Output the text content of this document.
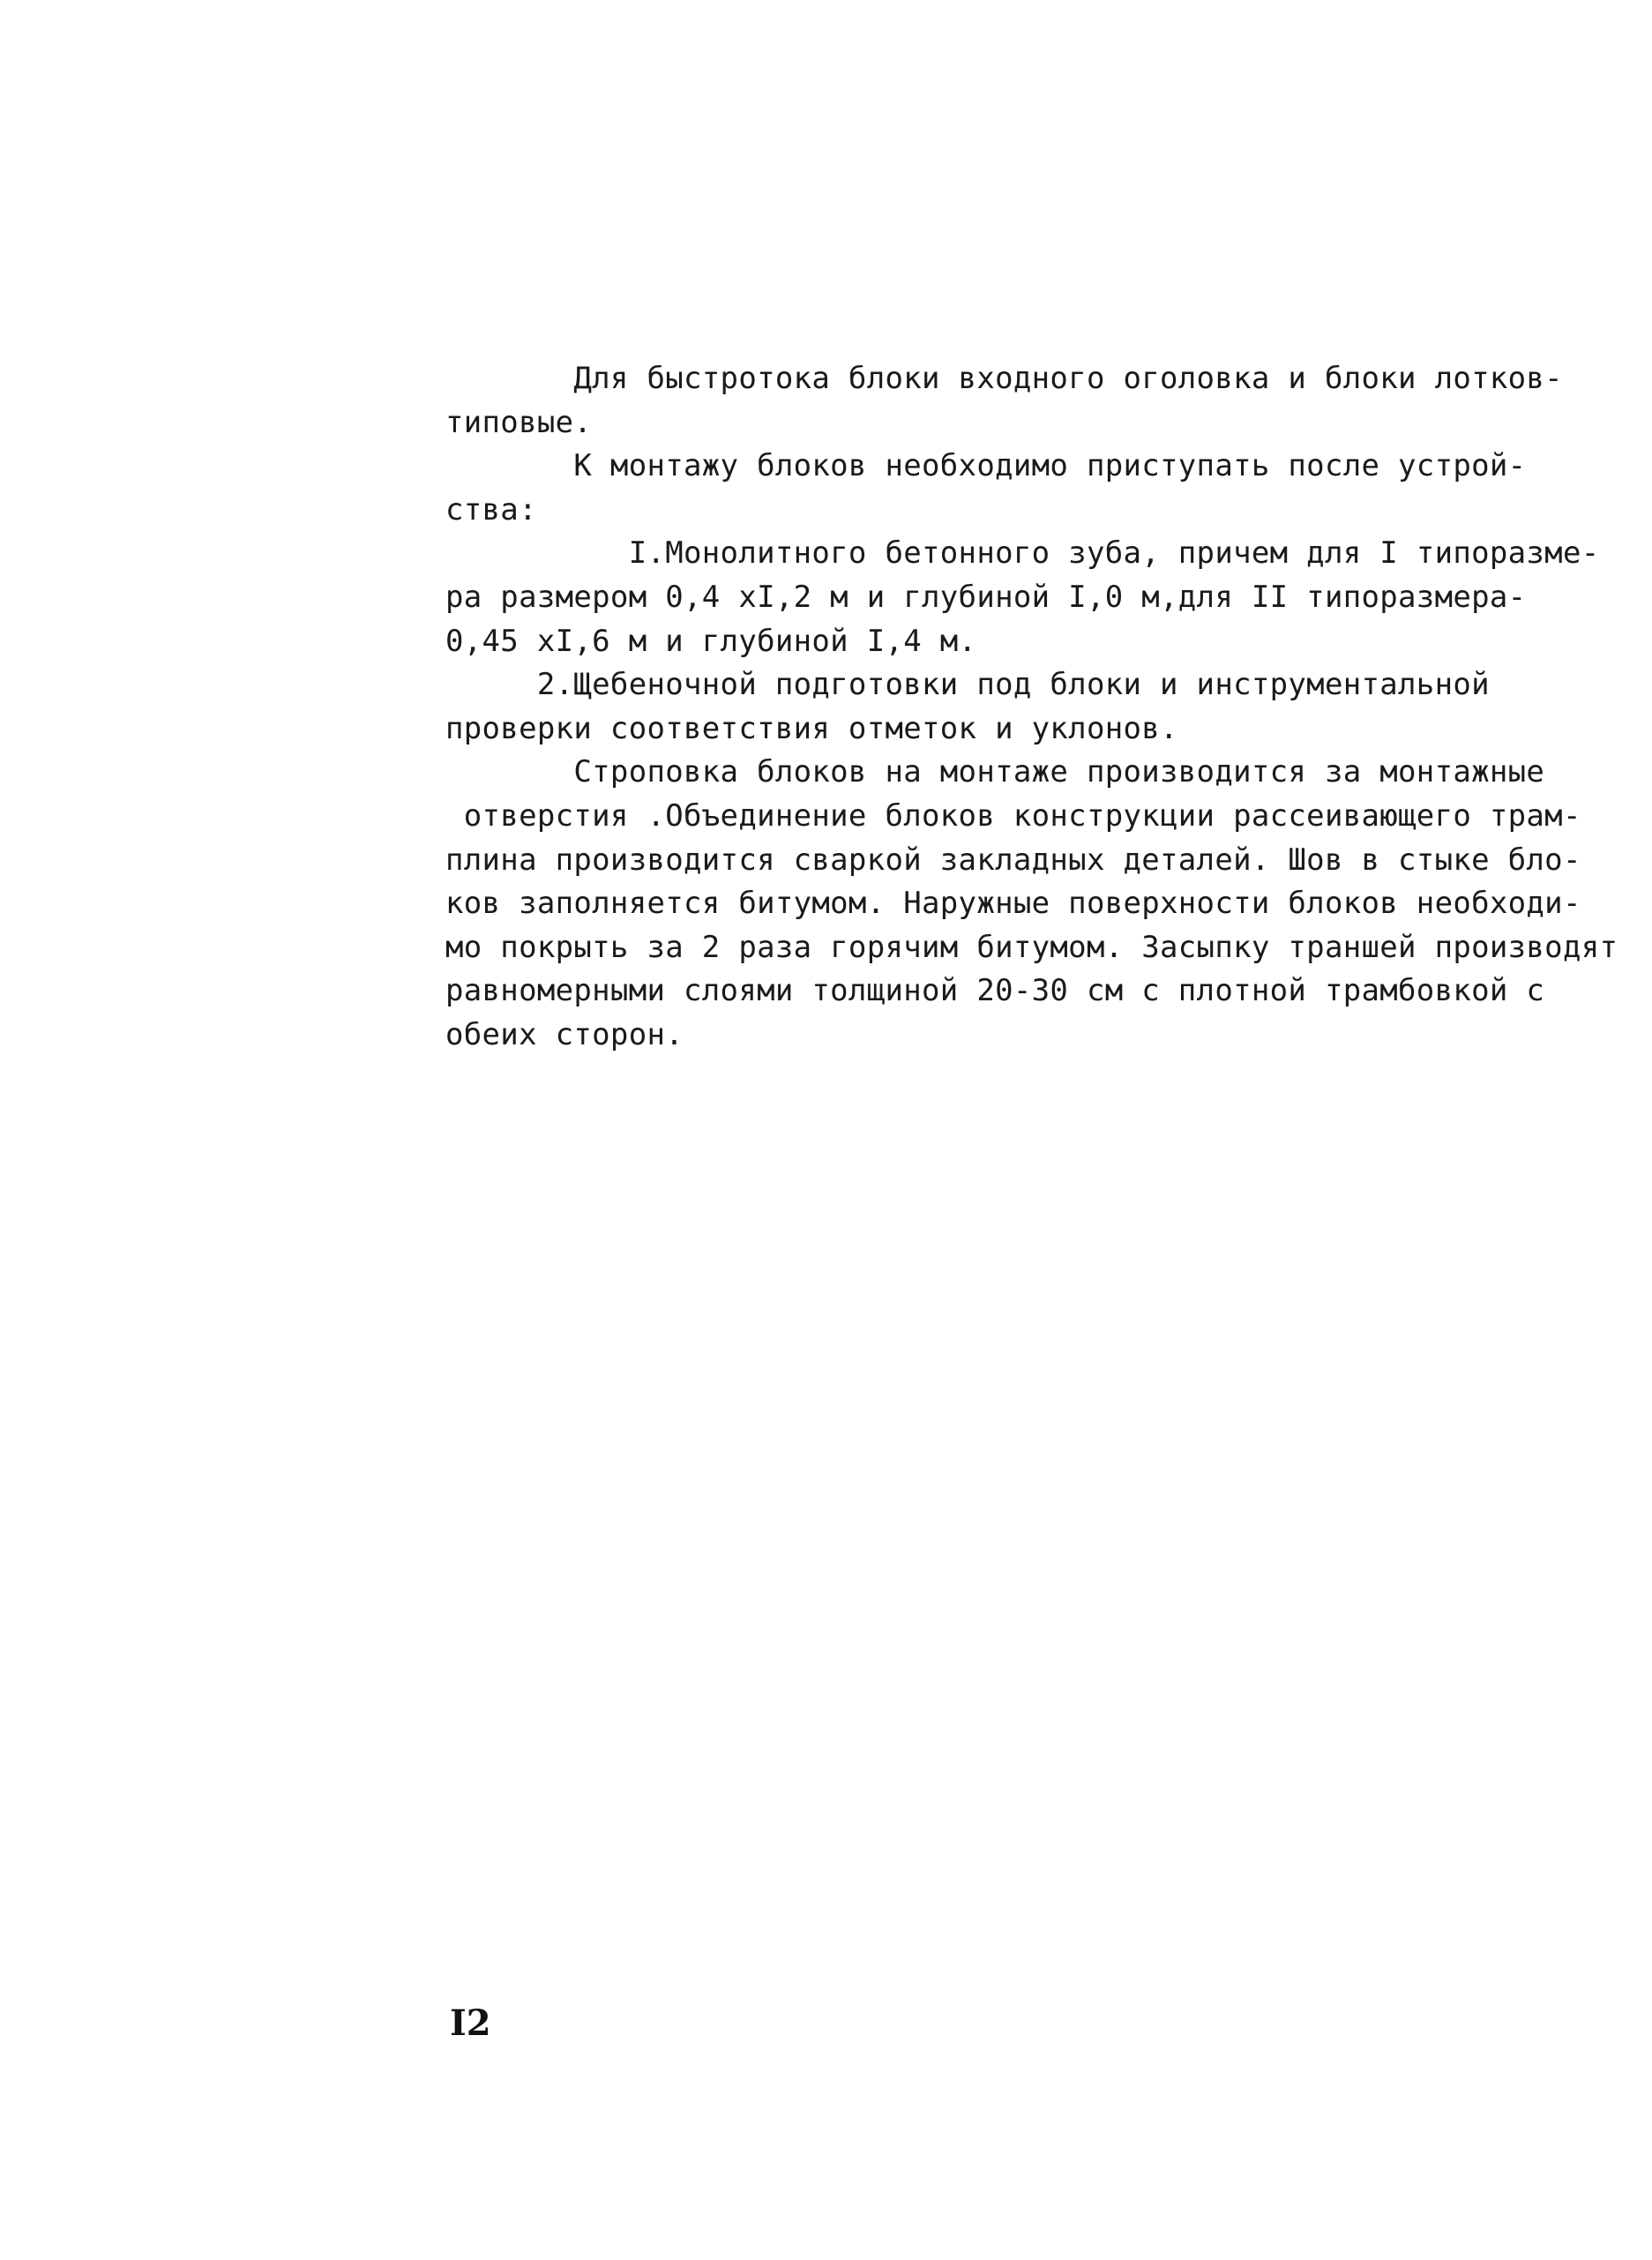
Для быстротока блоки входного оголовка и блоки лотков-
типовые.
К монтажу блоков необходимо приступать после устрой-
ства:
I.Монолитного бетонного зуба, причем для I типоразме-
ра размером 0,4 хI,2 м и глубиной I,0 м,для II типоразмера-
0,45 хI,6 м и глубиной I,4 м.
2.Щебеночной подготовки под блоки и инструментальной
проверки соответствия отметок и уклонов.
Строповка блоков на монтаже производится за монтажные
отверстия .Объединение блоков конструкции рассеивающего трам-
плина производится сваркой закладных деталей. Шов в стыке бло-
ков заполняется битумом. Наружные поверхности блоков необходи-
мо покрыть за 2 раза горячим битумом. Засыпку траншей производят
равномерными слоями толщиной 20-30 см с плотной трамбовкой с
обеих сторон.
I2
